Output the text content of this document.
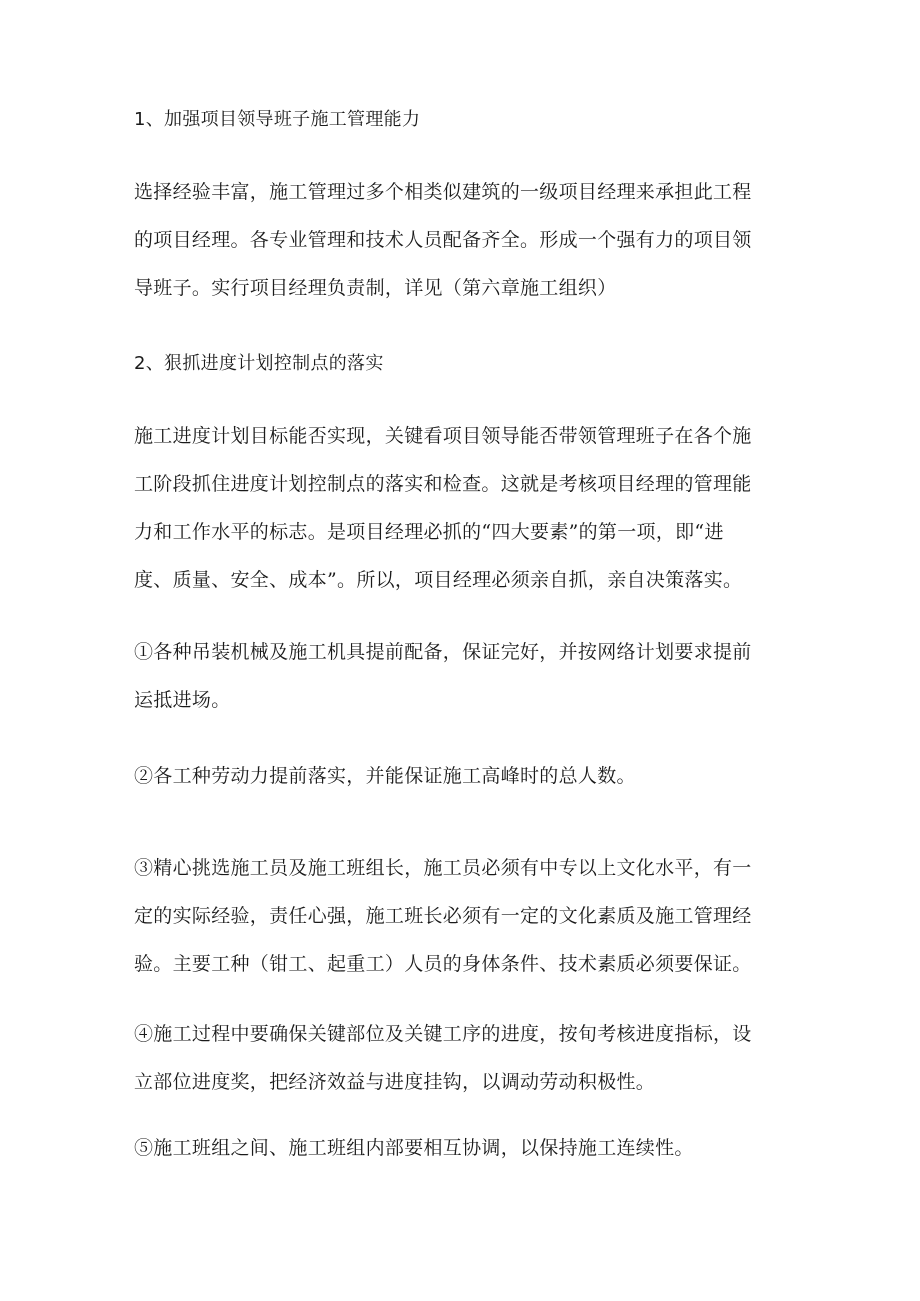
1、加强项目领导班子施工管理能力

选择经验丰富，施工管理过多个相类似建筑的一级项目经理来承担此工程
的项目经理。各专业管理和技术人员配备齐全。形成一个强有力的项目领
导班子。实行项目经理负责制，详见（第六章施工组织）

2、狠抓进度计划控制点的落实

施工进度计划目标能否实现，关键看项目领导能否带领管理班子在各个施
工阶段抓住进度计划控制点的落实和检查。这就是考核项目经理的管理能
力和工作水平的标志。是项目经理必抓的“四大要素”的第一项，即“进
度、质量、安全、成本”。所以，项目经理必须亲自抓，亲自决策落实。

①各种吊装机械及施工机具提前配备，保证完好，并按网络计划要求提前
运抵进场。

②各工种劳动力提前落实，并能保证施工高峰时的总人数。

③精心挑选施工员及施工班组长，施工员必须有中专以上文化水平，有一
定的实际经验，责任心强，施工班长必须有一定的文化素质及施工管理经
验。主要工种（钳工、起重工）人员的身体条件、技术素质必须要保证。

④施工过程中要确保关键部位及关键工序的进度，按旬考核进度指标，设
立部位进度奖，把经济效益与进度挂钩，以调动劳动积极性。

⑤施工班组之间、施工班组内部要相互协调，以保持施工连续性。
